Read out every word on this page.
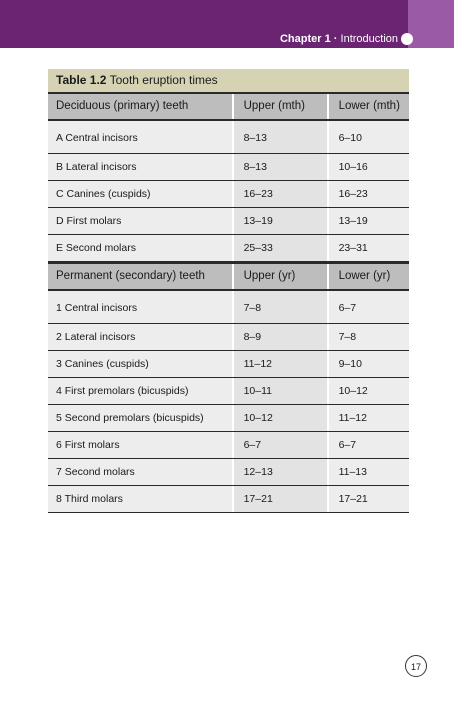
Chapter 1 · Introduction
Table 1.2 Tooth eruption times
Deciduous (primary) teeth	Upper (mth)	Lower (mth)
A Central incisors	8–13	6–10
B Lateral incisors	8–13	10–16
C Canines (cuspids)	16–23	16–23
D First molars	13–19	13–19
E Second molars	25–33	23–31
Permanent (secondary) teeth	Upper (yr)	Lower (yr)
1 Central incisors	7–8	6–7
2 Lateral incisors	8–9	7–8
3 Canines (cuspids)	11–12	9–10
4 First premolars (bicuspids)	10–11	10–12
5 Second premolars (bicuspids)	10–12	11–12
6 First molars	6–7	6–7
7 Second molars	12–13	11–13
8 Third molars	17–21	17–21
17
